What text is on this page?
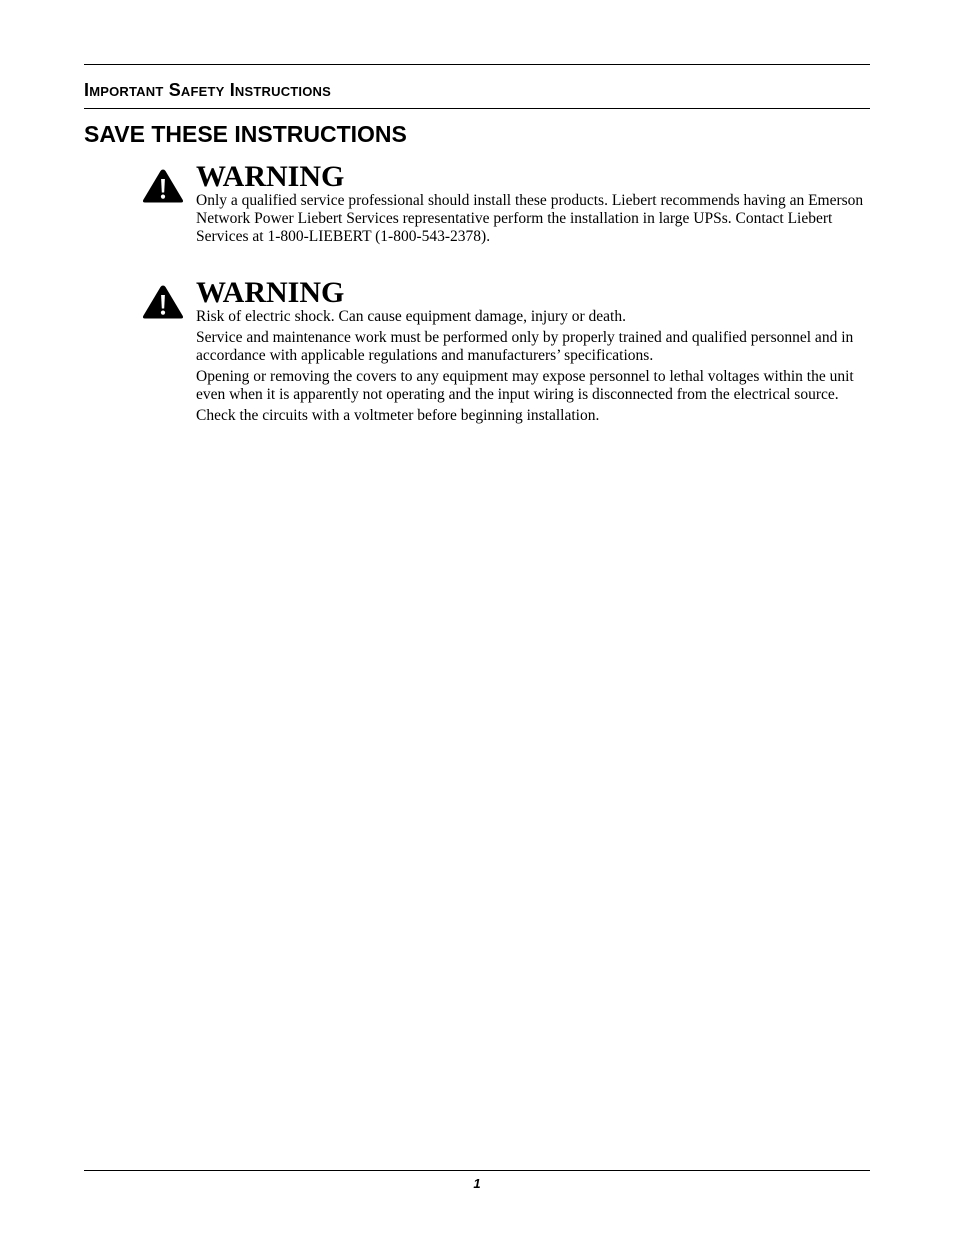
Important Safety Instructions
SAVE THESE INSTRUCTIONS
WARNING

Only a qualified service professional should install these products. Liebert recommends having an Emerson Network Power Liebert Services representative perform the installation in large UPSs. Contact Liebert Services at 1-800-LIEBERT (1-800-543-2378).

WARNING

Risk of electric shock. Can cause equipment damage, injury or death.

Service and maintenance work must be performed only by properly trained and qualified personnel and in accordance with applicable regulations and manufacturers’ specifications.

Opening or removing the covers to any equipment may expose personnel to lethal voltages within the unit even when it is apparently not operating and the input wiring is disconnected from the electrical source.

Check the circuits with a voltmeter before beginning installation.

1
